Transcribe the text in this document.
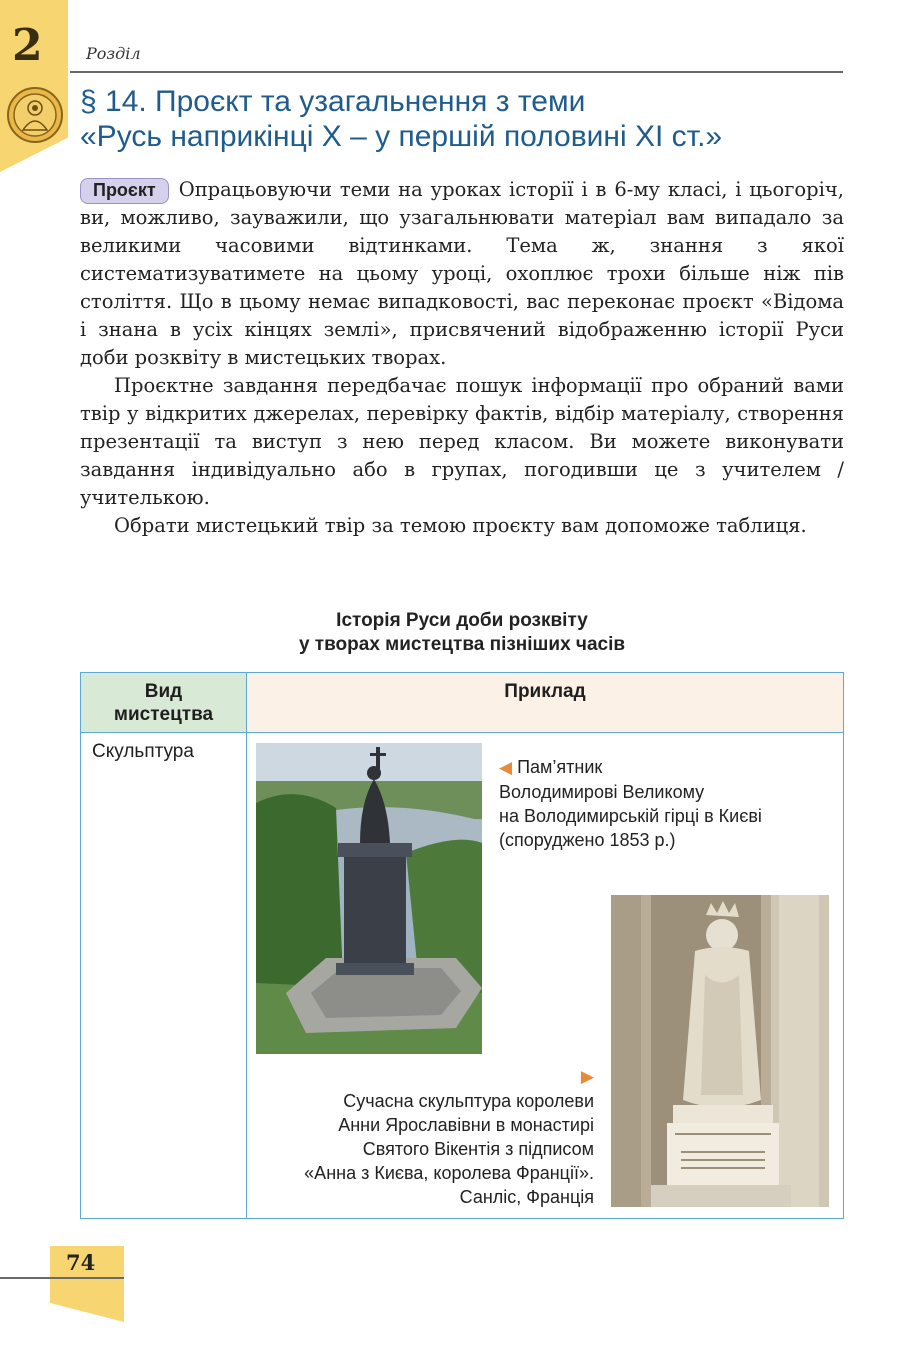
2	Розділ
§ 14. Проєкт та узагальнення з теми
«Русь наприкінці Х – у першій половині ХІ ст.»

Проєкт	Опрацьовуючи теми на уроках історії і в 6-му класі, і цьогоріч, ви, можливо, зауважили, що узагальнювати матеріал вам випадало за великими часовими відтинками. Тема ж, знання з якої систематизуватимете на цьому уроці, охоплює трохи більше ніж пів століття. Що в цьому немає випадковості, вас переконає проєкт «Відома і знана в усіх кінцях землі», присвячений відображенню історії Руси доби розквіту в мистецьких творах.

Проєктне завдання передбачає пошук інформації про обраний вами твір у відкритих джерелах, перевірку фактів, відбір матеріалу, створення презентації та виступ з нею перед класом. Ви можете виконувати завдання індивідуально або в групах, погодивши це з учителем / учителькою.

Обрати мистецький твір за темою проєкту вам допоможе таблиця.

Історія Руси доби розквіту
у творах мистецтва пізніших часів
Вид
мистецтва
Приклад
Скульптура
◀ Пам’ятник
Володимирові Великому
на Володимирській гірці в Києві
(споруджено 1853 р.)
▶
Сучасна скульптура королеви
Анни Ярославівни в монастирі
Святого Вікентія з підписом
«Анна з Києва, королева Франції».
Санліс, Франція
74
